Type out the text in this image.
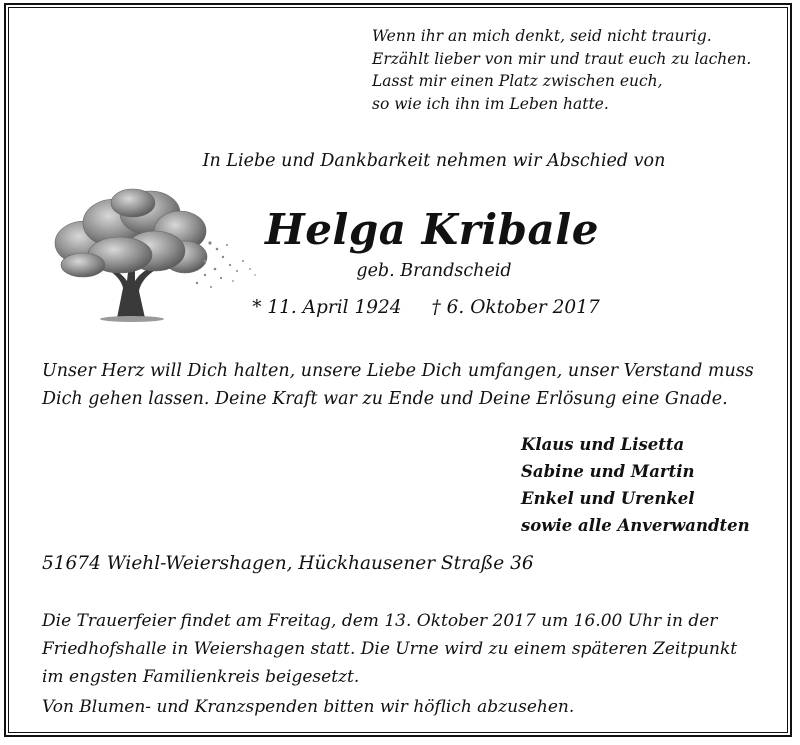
Wenn ihr an mich denkt, seid nicht traurig.
Erzählt lieber von mir und traut euch zu lachen.
Lasst mir einen Platz zwischen euch,
so wie ich ihn im Leben hatte.
In Liebe und Dankbarkeit nehmen wir Abschied von
Helga Kribale
geb. Brandscheid
* 11. April 1924 † 6. Oktober 2017
Unser Herz will Dich halten, unsere Liebe Dich umfangen, unser Verstand muss
Dich gehen lassen. Deine Kraft war zu Ende und Deine Erlösung eine Gnade.
Klaus und Lisetta
Sabine und Martin
Enkel und Urenkel
sowie alle Anverwandten
51674 Wiehl-Weiershagen, Hückhausener Straße 36
Die Trauerfeier findet am Freitag, dem 13. Oktober 2017 um 16.00 Uhr in der
Friedhofshalle in Weiershagen statt. Die Urne wird zu einem späteren Zeitpunkt
im engsten Familienkreis beigesetzt.
Von Blumen- und Kranzspenden bitten wir höflich abzusehen.
